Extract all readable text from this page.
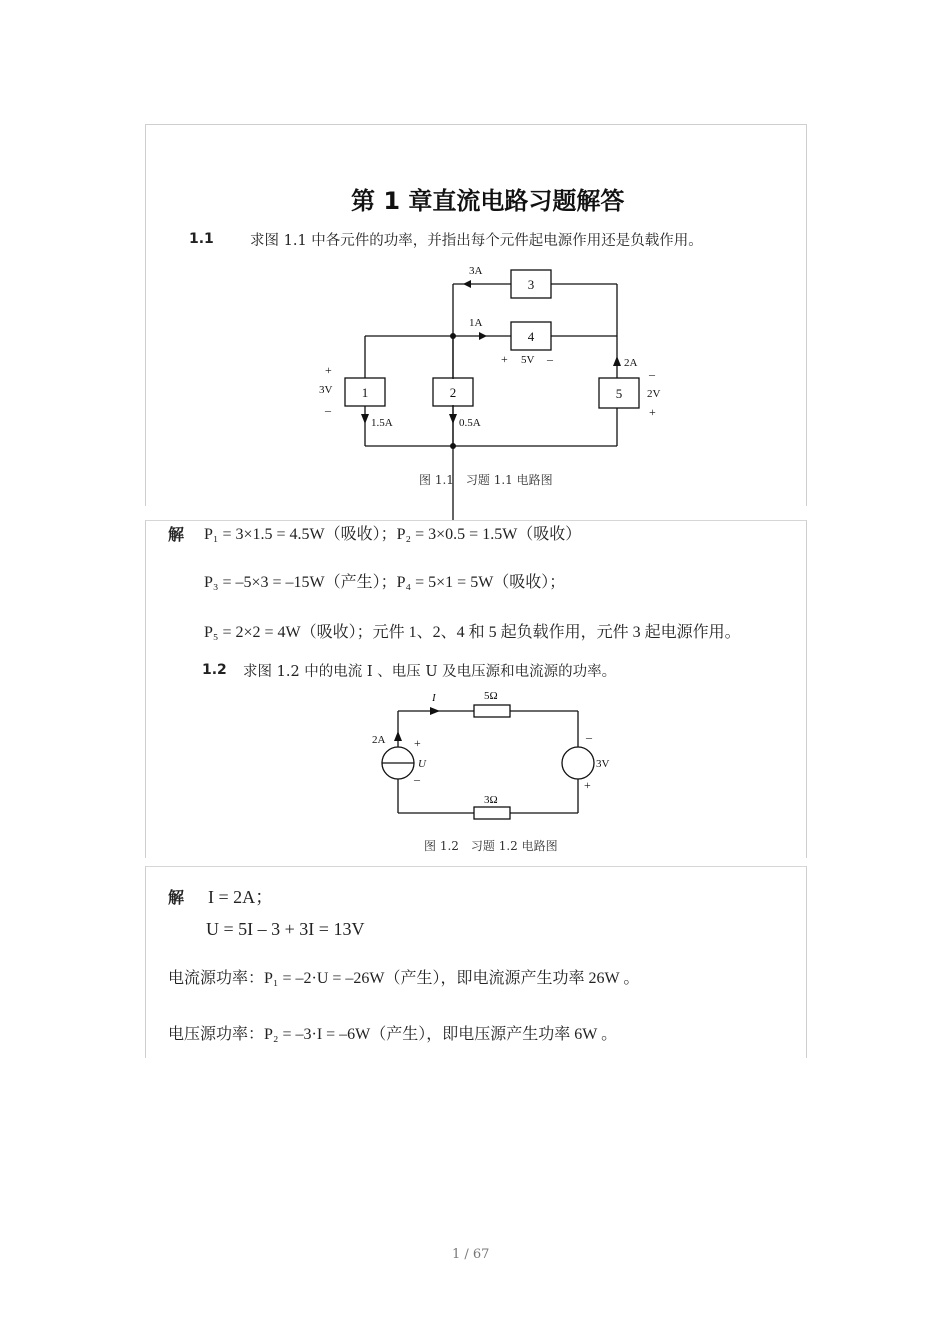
第 1 章直流电路习题解答
1.1 求图 1.1 中各元件的功率，并指出每个元件起电源作用还是负载作用。
3
4
1	2	5
3A
1A
+ 5V –	2A
–
2V
+
+
3V
–
1.5A	0.5A
图 1.1　习题 1.1 电路图
解 P₁ = 3×1.5 = 4.5W（吸收）；P₂ = 3×0.5 = 1.5W（吸收）
P₃ = –5×3 = –15W（产生）；P₄ = 5×1 = 5W（吸收）；
P₅ = 2×2 = 4W（吸收）；元件 1、2、4 和 5 起负载作用，元件 3 起电源作用。
1.2 求图 1.2 中的电流 I 、电压 U 及电压源和电流源的功率。
I	5Ω
3Ω
2A +
U
–
–
3V
+
图 1.2　习题 1.2 电路图
解 I = 2A；
U = 5I – 3 + 3I = 13V
电流源功率：P₁ = –2·U = –26W（产生），即电流源产生功率 26W 。
电压源功率：P₂ = –3·I = –6W（产生），即电压源产生功率 6W 。
1 / 67
